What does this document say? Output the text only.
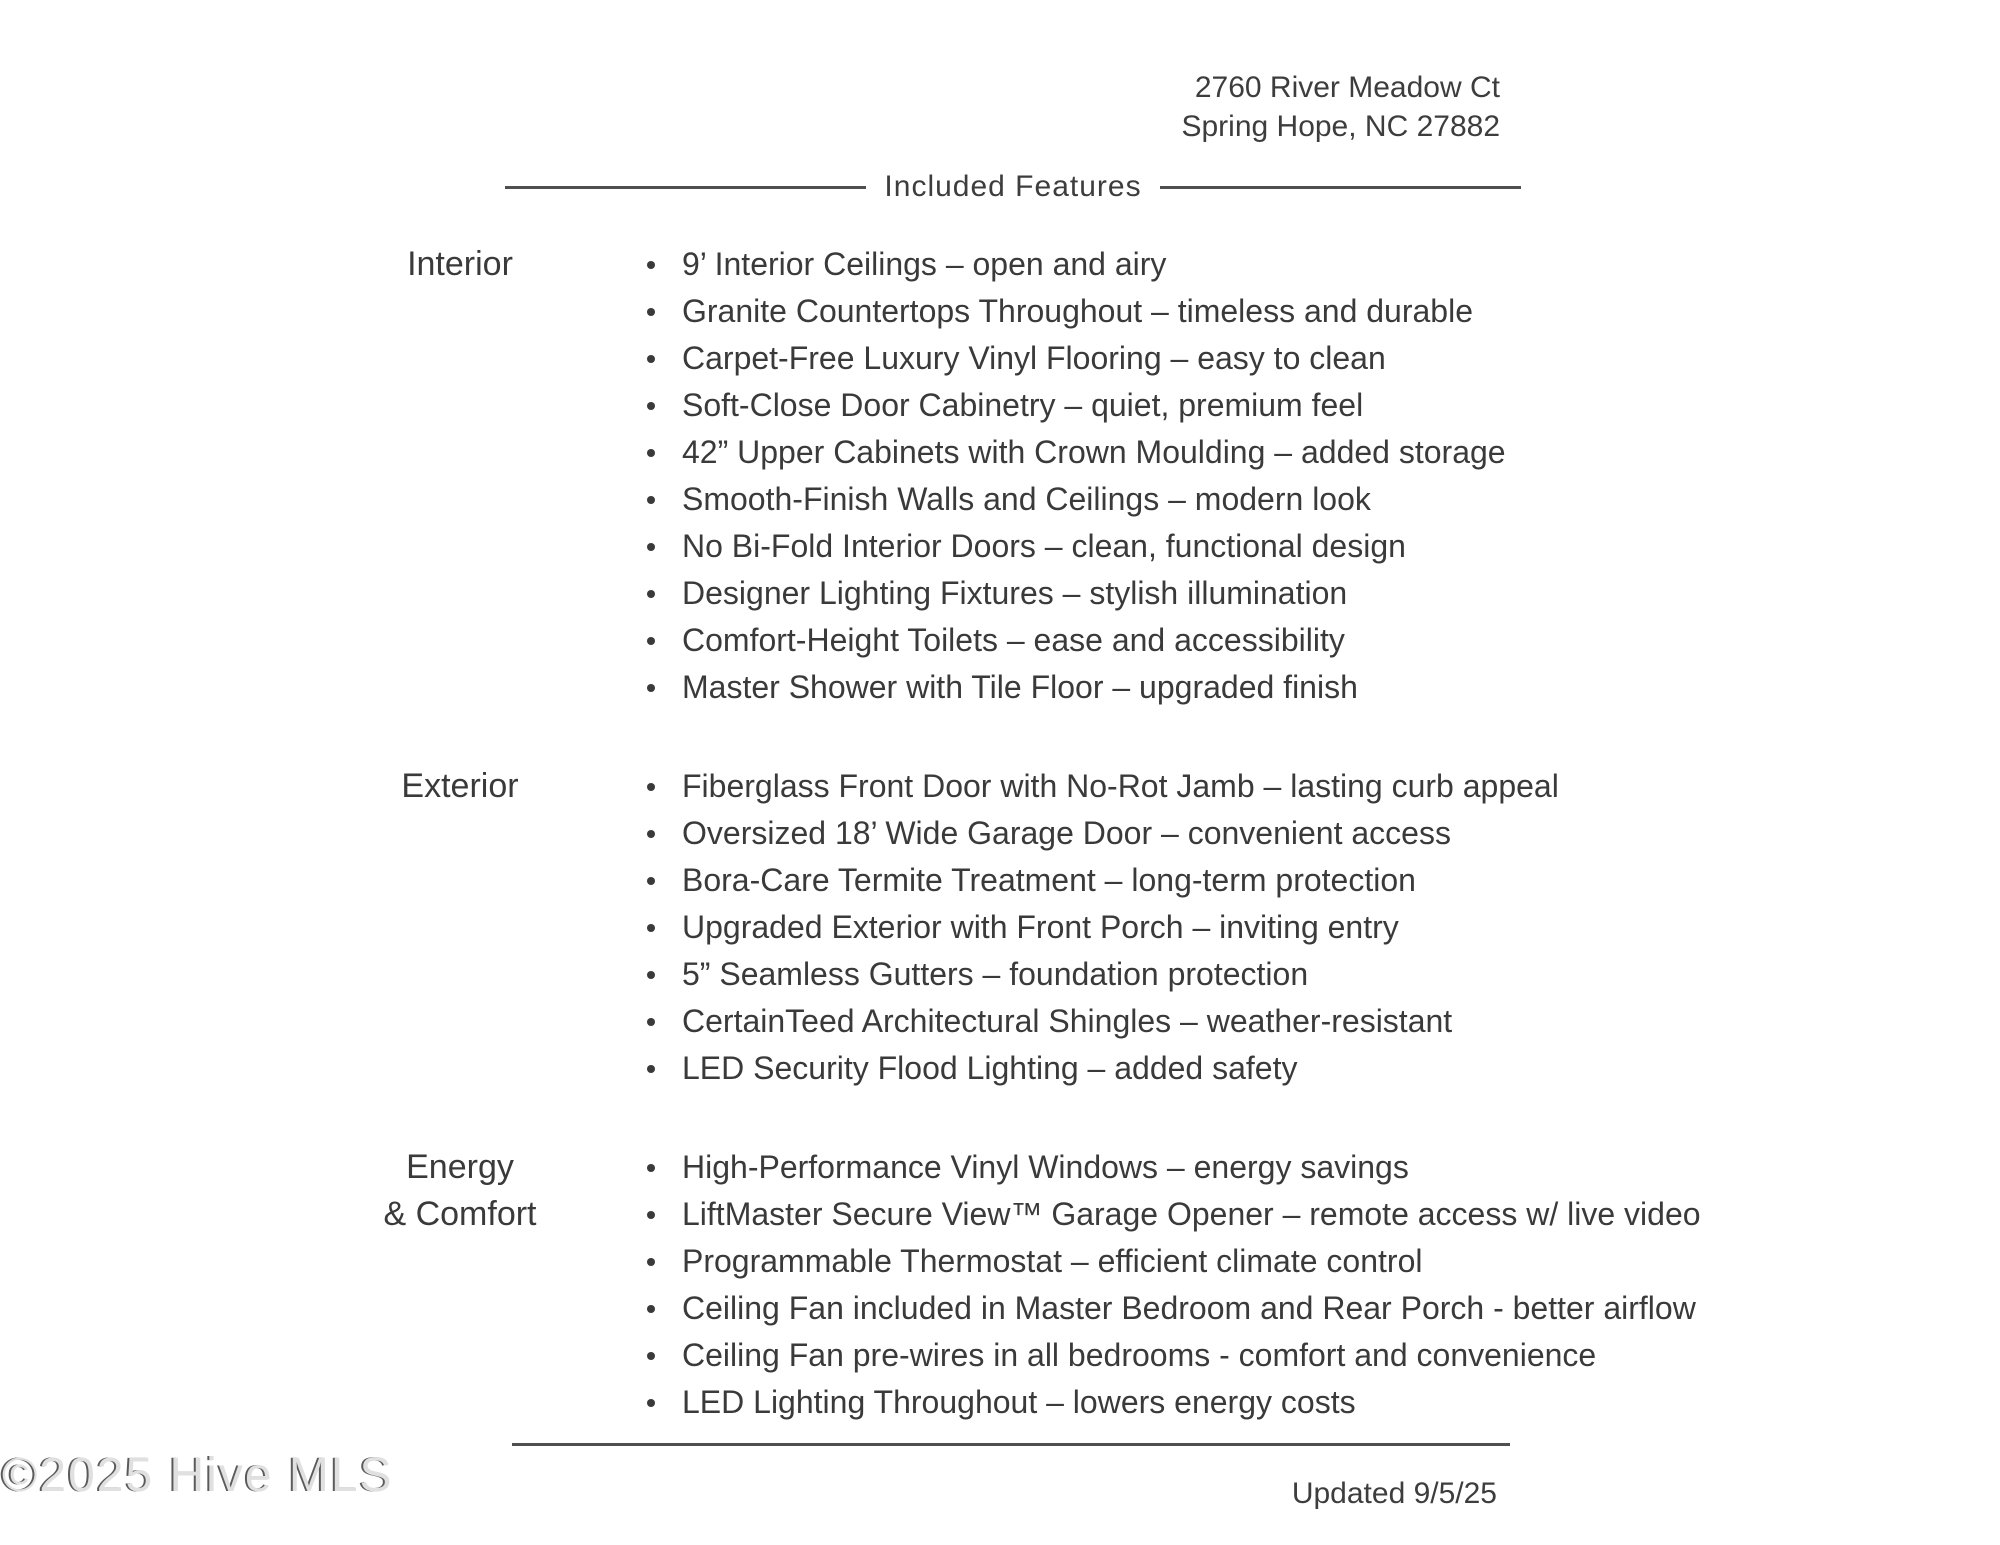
2760 River Meadow Ct
Spring Hope, NC 27882
Included Features
Interior	9’ Interior Ceilings – open and airy
Granite Countertops Throughout – timeless and durable
Carpet-Free Luxury Vinyl Flooring – easy to clean
Soft-Close Door Cabinetry – quiet, premium feel
42” Upper Cabinets with Crown Moulding – added storage
Smooth-Finish Walls and Ceilings – modern look
No Bi-Fold Interior Doors – clean, functional design
Designer Lighting Fixtures – stylish illumination
Comfort-Height Toilets – ease and accessibility
Master Shower with Tile Floor – upgraded finish
Exterior	Fiberglass Front Door with No-Rot Jamb – lasting curb appeal
Oversized 18’ Wide Garage Door – convenient access
Bora-Care Termite Treatment – long-term protection
Upgraded Exterior with Front Porch – inviting entry
5” Seamless Gutters – foundation protection
CertainTeed Architectural Shingles – weather-resistant
LED Security Flood Lighting – added safety
Energy
& Comfort
High-Performance Vinyl Windows – energy savings
LiftMaster Secure View™ Garage Opener – remote access w/ live video
Programmable Thermostat – efficient climate control
Ceiling Fan included in Master Bedroom and Rear Porch - better airflow
Ceiling Fan pre-wires in all bedrooms - comfort and convenience
LED Lighting Throughout – lowers energy costs
Updated 9/5/25
©2025 Hive MLS
